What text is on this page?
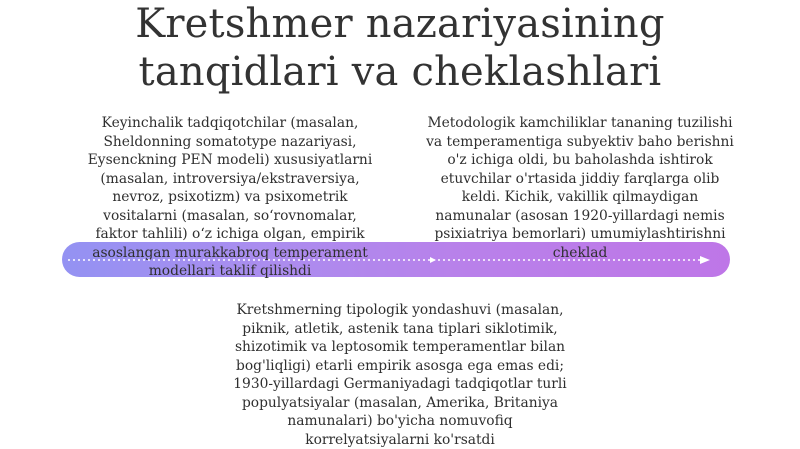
Kretshmer nazariyasining
tanqidlari va cheklashlari
Keyinchalik tadqiqotchilar (masalan,
Sheldonning somatotype nazariyasi,
Eysenckning PEN modeli) xususiyatlarni
(masalan, introversiya/ekstraversiya,
nevroz, psixotizm) va psixometrik
vositalarni (masalan, so‘rovnomalar,
faktor tahlili) o‘z ichiga olgan, empirik
asoslangan murakkabroq temperament
modellari taklif qilishdi
Metodologik kamchiliklar tananing tuzilishi
va temperamentiga subyektiv baho berishni
o'z ichiga oldi, bu baholashda ishtirok
etuvchilar o'rtasida jiddiy farqlarga olib
keldi. Kichik, vakillik qilmaydigan
namunalar (asosan 1920-yillardagi nemis
psixiatriya bemorlari) umumiylashtirishni
cheklad
Kretshmerning tipologik yondashuvi (masalan,
piknik, atletik, astenik tana tiplari siklotimik,
shizotimik va leptosomik temperamentlar bilan
bog'liqligi) etarli empirik asosga ega emas edi;
1930-yillardagi Germaniyadagi tadqiqotlar turli
populyatsiyalar (masalan, Amerika, Britaniya
namunalari) bo'yicha nomuvofiq
korrelyatsiyalarni ko'rsatdi
